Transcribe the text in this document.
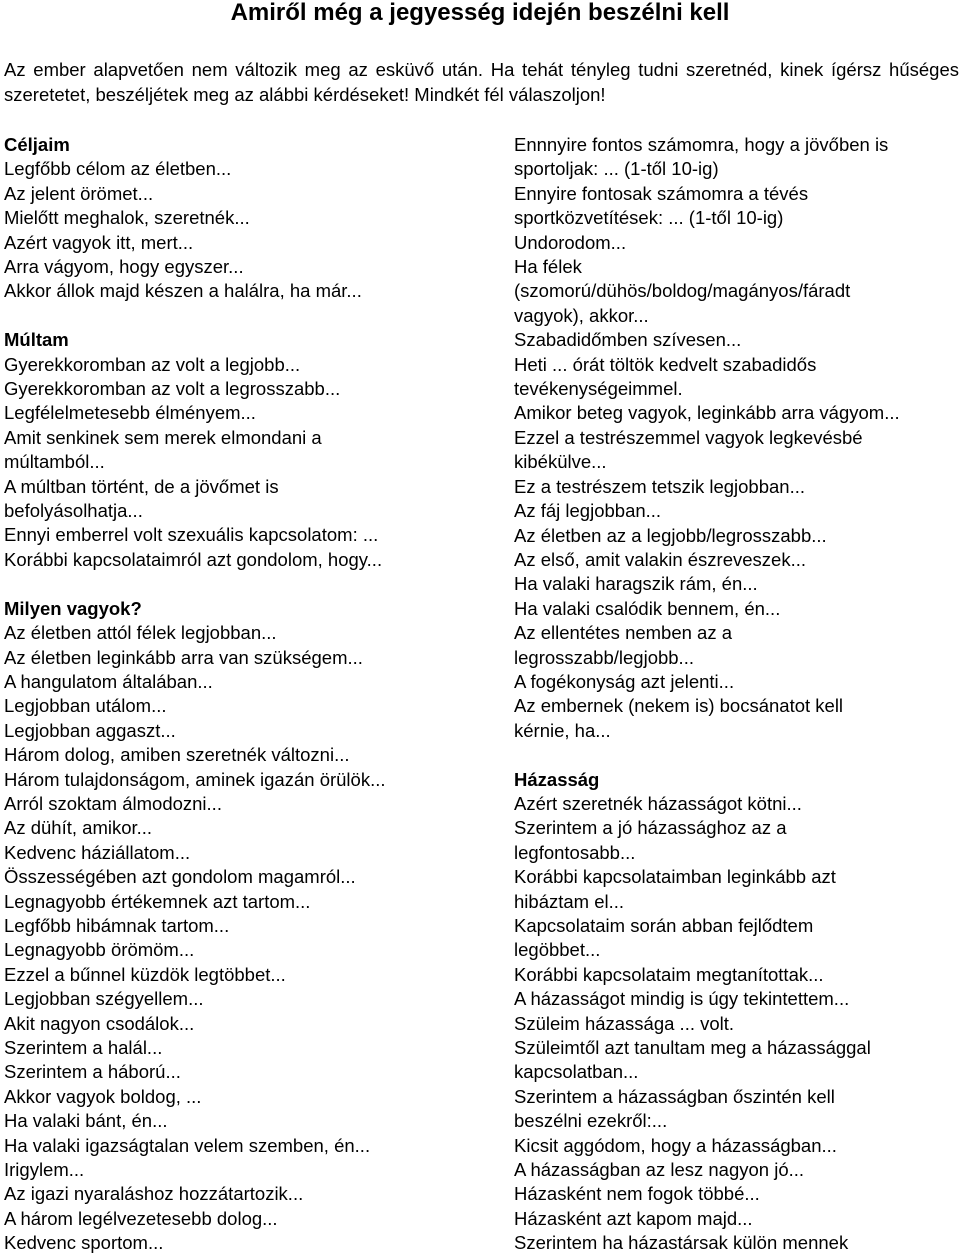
Amiről még a jegyesség idején beszélni kell

Az ember alapvetően nem változik meg az esküvő után. Ha tehát tényleg tudni szeretnéd, kinek ígérsz hűséges szeretetet, beszéljétek meg az alábbi kérdéseket! Mindkét fél válaszoljon!

Céljaim
Legfőbb célom az életben...
Az jelent örömet...
Mielőtt meghalok, szeretnék...
Azért vagyok itt, mert...
Arra vágyom, hogy egyszer...
Akkor állok majd készen a halálra, ha már...
Múltam
Gyerekkoromban az volt a legjobb...
Gyerekkoromban az volt a legrosszabb...
Legfélelmetesebb élményem...
Amit senkinek sem merek elmondani a
múltamból...
A múltban történt, de a jövőmet is
befolyásolhatja...
Ennyi emberrel volt szexuális kapcsolatom: ...
Korábbi kapcsolataimról azt gondolom, hogy...
Milyen vagyok?
Az életben attól félek legjobban...
Az életben leginkább arra van szükségem...
A hangulatom általában...
Legjobban utálom...
Legjobban aggaszt...
Három dolog, amiben szeretnék változni...
Három tulajdonságom, aminek igazán örülök...
Arról szoktam álmodozni...
Az dühít, amikor...
Kedvenc háziállatom...
Összességében azt gondolom magamról...
Legnagyobb értékemnek azt tartom...
Legfőbb hibámnak tartom...
Legnagyobb örömöm...
Ezzel a bűnnel küzdök legtöbbet...
Legjobban szégyellem...
Akit nagyon csodálok...
Szerintem a halál...
Szerintem a háború...
Akkor vagyok boldog, ...
Ha valaki bánt, én...
Ha valaki igazságtalan velem szemben, én...
Irigylem...
Az igazi nyaraláshoz hozzátartozik...
A három legélvezetesebb dolog...
Kedvenc sportom...
Ennnyire fontos számomra, hogy a jövőben is
sportoljak: ... (1-től 10-ig)
Ennyire fontosak számomra a tévés
sportközvetítések: ... (1-től 10-ig)
Undorodom...
Ha félek
(szomorú/dühös/boldog/magányos/fáradt
vagyok), akkor...
Szabadidőmben szívesen...
Heti ... órát töltök kedvelt szabadidős
tevékenységeimmel.
Amikor beteg vagyok, leginkább arra vágyom...
Ezzel a testrészemmel vagyok legkevésbé
kibékülve...
Ez a testrészem tetszik legjobban...
Az fáj legjobban...
Az életben az a legjobb/legrosszabb...
Az első, amit valakin észreveszek...
Ha valaki haragszik rám, én...
Ha valaki csalódik bennem, én...
Az ellentétes nemben az a
legrosszabb/legjobb...
A fogékonyság azt jelenti...
Az embernek (nekem is) bocsánatot kell
kérnie, ha...
Házasság
Azért szeretnék házasságot kötni...
Szerintem a jó házassághoz az a
legfontosabb...
Korábbi kapcsolataimban leginkább azt
hibáztam el...
Kapcsolataim során abban fejlődtem
legöbbet...
Korábbi kapcsolataim megtanítottak...
A házasságot mindig is úgy tekintettem...
Szüleim házassága ... volt.
Szüleimtől azt tanultam meg a házassággal
kapcsolatban...
Szerintem a házasságban őszintén kell
beszélni ezekről:...
Kicsit aggódom, hogy a házasságban...
A házasságban az lesz nagyon jó...
Házasként nem fogok többé...
Házasként azt kapom majd...
Szerintem ha házastársak külön mennek
